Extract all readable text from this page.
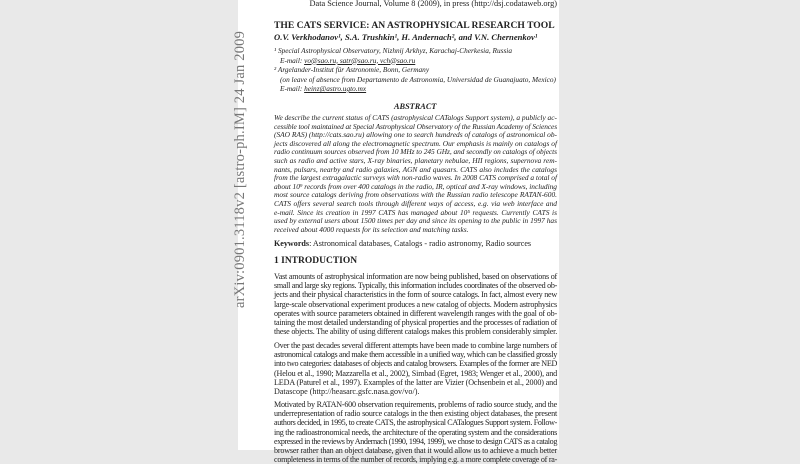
arXiv:0901.3118v2 [astro-ph.IM] 24 Jan 2009
Data Science Journal, Volume 8 (2009), in press (http://dsj.codataweb.org)
THE CATS SERVICE: AN ASTROPHYSICAL RESEARCH TOOL
O.V. Verkhodanov¹, S.A. Trushkin¹, H. Andernach², and V.N. Chernenkov¹
¹ Special Astrophysical Observatory, Nizhnij Arkhyz, Karachaj-Cherkesia, Russia
E-mail: vo@sao.ru, satr@sao.ru, vch@sao.ru
² Argelander-Institut für Astronomie, Bonn, Germany
(on leave of absence from Departamento de Astronomia, Universidad de Guanajuato, Mexico)
E-mail: heinz@astro.ugto.mx
ABSTRACT
We describe the current status of CATS (astrophysical CATalogs Support system), a publicly ac-
cessible tool maintained at Special Astrophysical Observatory of the Russian Academy of Sciences
(SAO RAS) (http://cats.sao.ru) allowing one to search hundreds of catalogs of astronomical ob-
jects discovered all along the electromagnetic spectrum. Our emphasis is mainly on catalogs of
radio continuum sources observed from 10 MHz to 245 GHz, and secondly on catalogs of objects
such as radio and active stars, X-ray binaries, planetary nebulae, HII regions, supernova rem-
nants, pulsars, nearby and radio galaxies, AGN and quasars. CATS also includes the catalogs
from the largest extragalactic surveys with non-radio waves. In 2008 CATS comprised a total of
about 10⁹ records from over 400 catalogs in the radio, IR, optical and X-ray windows, including
most source catalogs deriving from observations with the Russian radio telescope RATAN-600.
CATS offers several search tools through different ways of access, e.g. via web interface and
e-mail. Since its creation in 1997 CATS has managed about 10⁵ requests. Currently CATS is
used by external users about 1500 times per day and since its opening to the public in 1997 has
received about 4000 requests for its selection and matching tasks.
Keywords: Astronomical databases, Catalogs - radio astronomy, Radio sources
1 INTRODUCTION
Vast amounts of astrophysical information are now being published, based on observations of
small and large sky regions. Typically, this information includes coordinates of the observed ob-
jects and their physical characteristics in the form of source catalogs. In fact, almost every new
large-scale observational experiment produces a new catalog of objects. Modern astrophysics
operates with source parameters obtained in different wavelength ranges with the goal of ob-
taining the most detailed understanding of physical properties and the processes of radiation of
these objects. The ability of using different catalogs makes this problem considerably simpler.
Over the past decades several different attempts have been made to combine large numbers of
astronomical catalogs and make them accessible in a unified way, which can be classified grossly
into two categories: databases of objects and catalog browsers. Examples of the former are NED
(Helou et al., 1990; Mazzarella et al., 2002), Simbad (Egret, 1983; Wenger et al., 2000), and
LEDA (Paturel et al., 1997). Examples of the latter are Vizier (Ochsenbein et al., 2000) and
Datascope (http://heasarc.gsfc.nasa.gov/vo/).
Motivated by RATAN-600 observation requirements, problems of radio source study, and the
underrepresentation of radio source catalogs in the then existing object databases, the present
authors decided, in 1995, to create CATS, the astrophysical CATalogues Support system. Follow-
ing the radioastronomical needs, the architecture of the operating system and the considerations
expressed in the reviews by Andernach (1990, 1994, 1999), we chose to design CATS as a catalog
browser rather than an object database, given that it would allow us to achieve a much better
completeness in terms of the number of records, implying e.g. a more complete coverage of ra-
